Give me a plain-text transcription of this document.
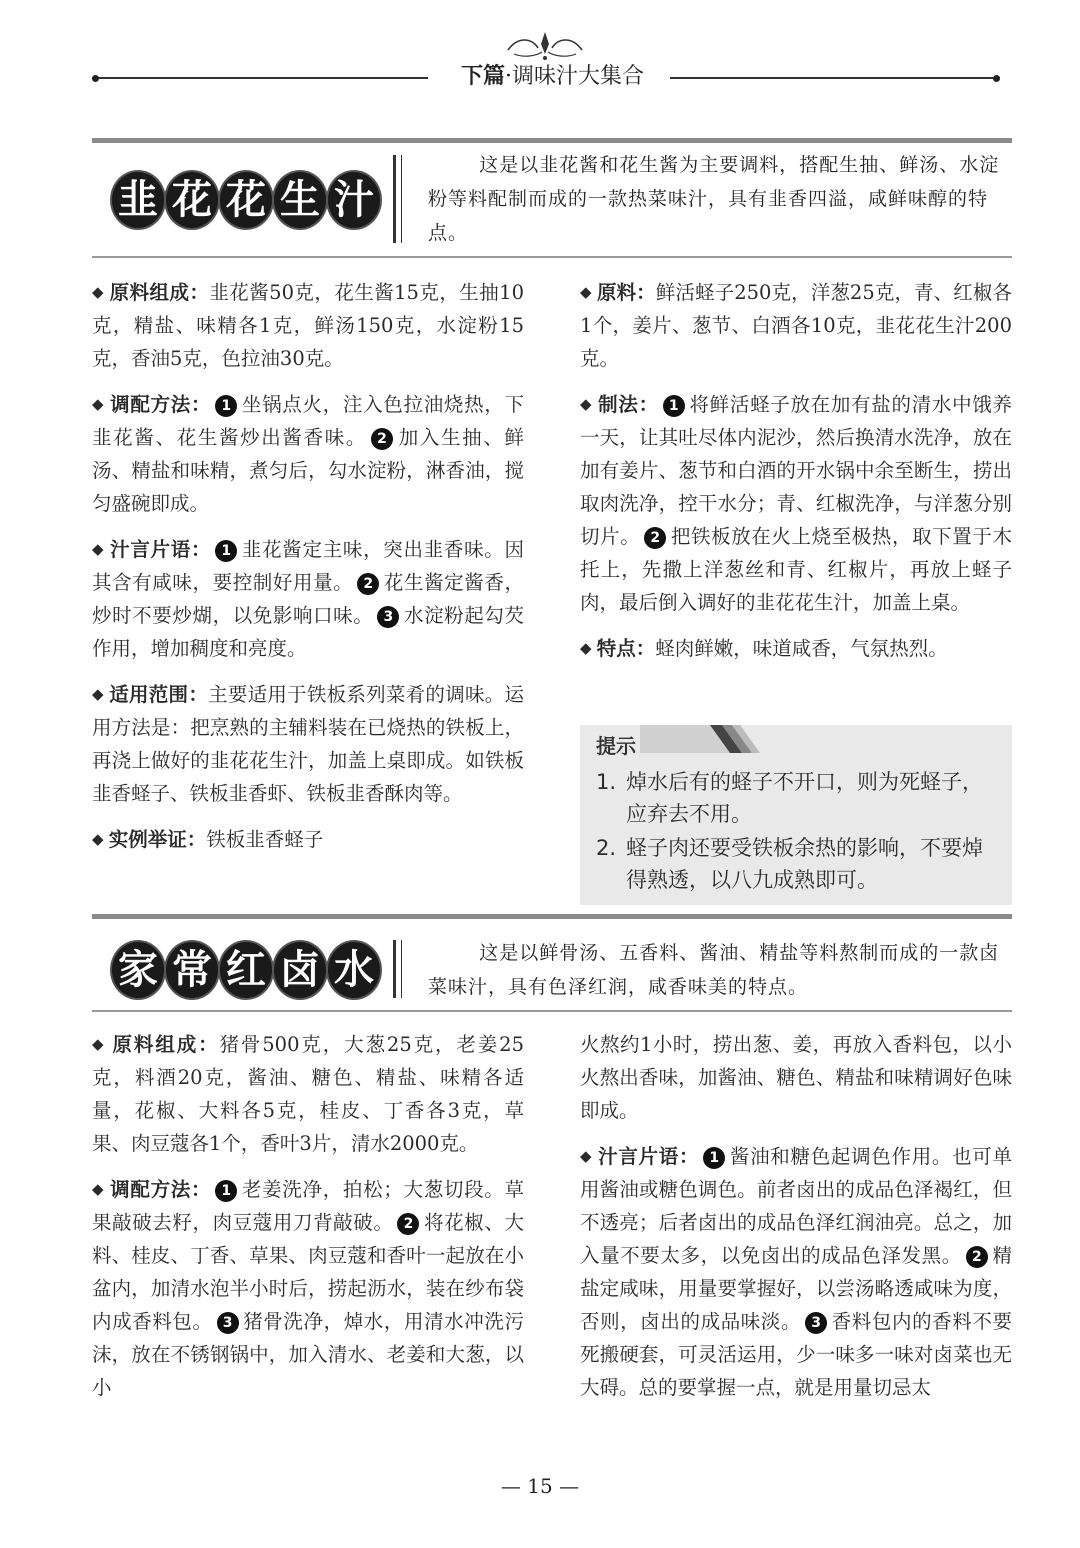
下篇·调味汁大集合
韭 花 花 生 汁
这是以韭花酱和花生酱为主要调料，搭配生抽、鲜汤、水淀粉等料配制而成的一款热菜味汁，具有韭香四溢，咸鲜味醇的特点。

◆ 原料组成：韭花酱50克，花生酱15克，生抽10克，精盐、味精各1克，鲜汤150克，水淀粉15克，香油5克，色拉油30克。

◆ 调配方法： 1 坐锅点火，注入色拉油烧热，下韭花酱、花生酱炒出酱香味。 2 加入生抽、鲜汤、精盐和味精，煮匀后，勾水淀粉，淋香油，搅匀盛碗即成。

◆ 汁言片语： 1 韭花酱定主味，突出韭香味。因其含有咸味，要控制好用量。 2 花生酱定酱香，炒时不要炒煳，以免影响口味。 3 水淀粉起勾芡作用，增加稠度和亮度。

◆ 适用范围：主要适用于铁板系列菜肴的调味。运用方法是：把烹熟的主辅料装在已烧热的铁板上，再浇上做好的韭花花生汁，加盖上桌即成。如铁板韭香蛏子、铁板韭香虾、铁板韭香酥肉等。

◆ 实例举证：铁板韭香蛏子

◆ 原料：鲜活蛏子250克，洋葱25克，青、红椒各1个，姜片、葱节、白酒各10克，韭花花生汁200克。

◆ 制法： 1 将鲜活蛏子放在加有盐的清水中饿养一天，让其吐尽体内泥沙，然后换清水洗净，放在加有姜片、葱节和白酒的开水锅中余至断生，捞出取肉洗净，控干水分；青、红椒洗净，与洋葱分别切片。 2 把铁板放在火上烧至极热，取下置于木托上，先撒上洋葱丝和青、红椒片，再放上蛏子肉，最后倒入调好的韭花花生汁，加盖上桌。

◆ 特点：蛏肉鲜嫩，味道咸香，气氛热烈。

提示
1. 焯水后有的蛏子不开口，则为死蛏子，应弃去不用。
2. 蛏子肉还要受铁板余热的影响，不要焯得熟透，以八九成熟即可。
家 常 红 卤 水	这是以鲜骨汤、五香料、酱油、精盐等料熬制而成的一款卤菜味汁，具有色泽红润，咸香味美的特点。

◆ 原料组成：猪骨500克，大葱25克，老姜25克，料酒20克，酱油、糖色、精盐、味精各适量，花椒、大料各5克，桂皮、丁香各3克，草果、肉豆蔻各1个，香叶3片，清水2000克。

◆ 调配方法： 1 老姜洗净，拍松；大葱切段。草果敲破去籽，肉豆蔻用刀背敲破。 2 将花椒、大料、桂皮、丁香、草果、肉豆蔻和香叶一起放在小盆内，加清水泡半小时后，捞起沥水，装在纱布袋内成香料包。 3 猪骨洗净，焯水，用清水冲洗污沫，放在不锈钢锅中，加入清水、老姜和大葱，以小

火熬约1小时，捞出葱、姜，再放入香料包，以小火熬出香味，加酱油、糖色、精盐和味精调好色味即成。

◆ 汁言片语： 1 酱油和糖色起调色作用。也可单用酱油或糖色调色。前者卤出的成品色泽褐红，但不透亮；后者卤出的成品色泽红润油亮。总之，加入量不要太多，以免卤出的成品色泽发黑。 2 精盐定咸味，用量要掌握好，以尝汤略透咸味为度，否则，卤出的成品味淡。 3 香料包内的香料不要死搬硬套，可灵活运用，少一味多一味对卤菜也无大碍。总的要掌握一点，就是用量切忌太

— 15 —
